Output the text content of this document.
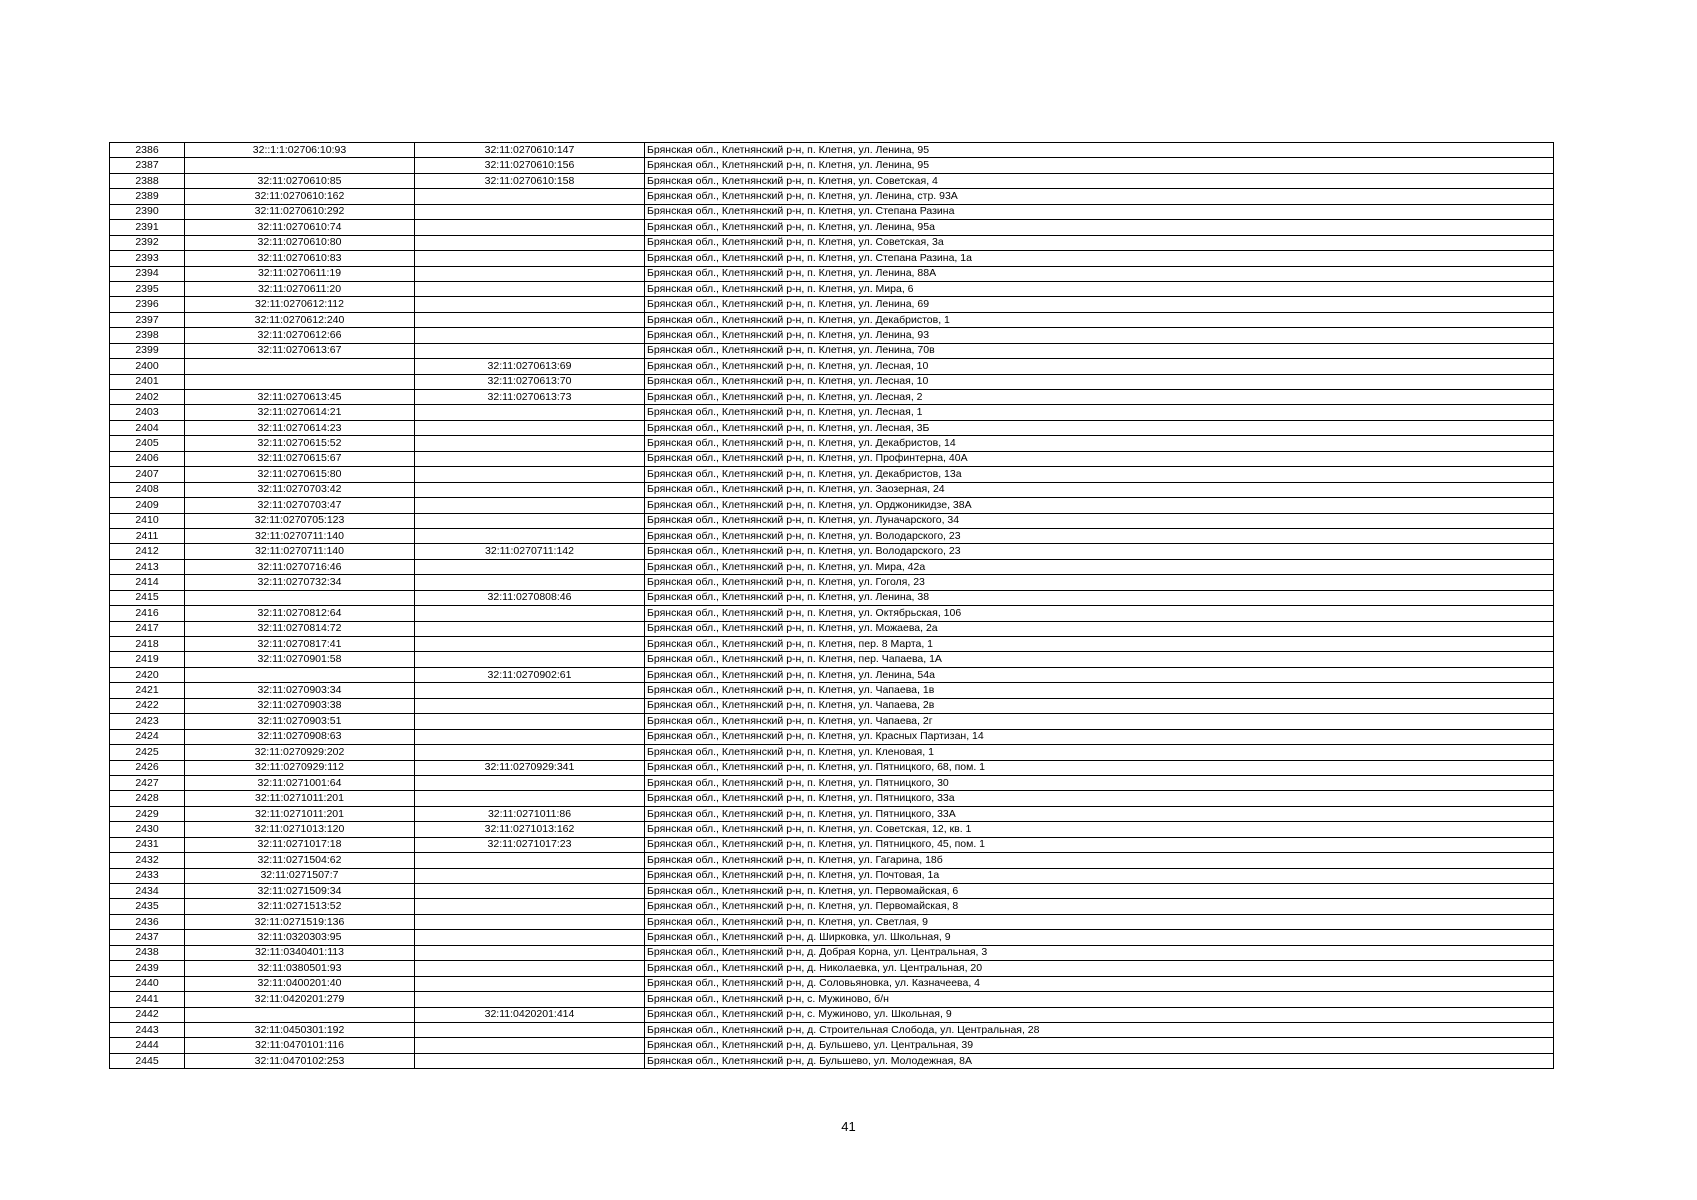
2386	32::1:1:02706:10:93	32:11:0270610:147	Брянская обл., Клетнянский р-н, п. Клетня, ул. Ленина, 95
2387		32:11:0270610:156	Брянская обл., Клетнянский р-н, п. Клетня, ул. Ленина, 95
2388	32:11:0270610:85	32:11:0270610:158	Брянская обл., Клетнянский р-н, п. Клетня, ул. Советская, 4
2389	32:11:0270610:162		Брянская обл., Клетнянский р-н, п. Клетня, ул. Ленина, стр. 93А
2390	32:11:0270610:292		Брянская обл., Клетнянский р-н, п. Клетня, ул. Степана Разина
2391	32:11:0270610:74		Брянская обл., Клетнянский р-н, п. Клетня, ул. Ленина, 95а
2392	32:11:0270610:80		Брянская обл., Клетнянский р-н, п. Клетня, ул. Советская, 3а
2393	32:11:0270610:83		Брянская обл., Клетнянский р-н, п. Клетня, ул. Степана Разина, 1а
2394	32:11:0270611:19		Брянская обл., Клетнянский р-н, п. Клетня, ул. Ленина, 88А
2395	32:11:0270611:20		Брянская обл., Клетнянский р-н, п. Клетня, ул. Мира, 6
2396	32:11:0270612:112		Брянская обл., Клетнянский р-н, п. Клетня, ул. Ленина, 69
2397	32:11:0270612:240		Брянская обл., Клетнянский р-н, п. Клетня, ул. Декабристов, 1
2398	32:11:0270612:66		Брянская обл., Клетнянский р-н, п. Клетня, ул. Ленина, 93
2399	32:11:0270613:67		Брянская обл., Клетнянский р-н, п. Клетня, ул. Ленина, 70в
2400		32:11:0270613:69	Брянская обл., Клетнянский р-н, п. Клетня, ул. Лесная, 10
2401		32:11:0270613:70	Брянская обл., Клетнянский р-н, п. Клетня, ул. Лесная, 10
2402	32:11:0270613:45	32:11:0270613:73	Брянская обл., Клетнянский р-н, п. Клетня, ул. Лесная, 2
2403	32:11:0270614:21		Брянская обл., Клетнянский р-н, п. Клетня, ул. Лесная, 1
2404	32:11:0270614:23		Брянская обл., Клетнянский р-н, п. Клетня, ул. Лесная, 3Б
2405	32:11:0270615:52		Брянская обл., Клетнянский р-н, п. Клетня, ул. Декабристов, 14
2406	32:11:0270615:67		Брянская обл., Клетнянский р-н, п. Клетня, ул. Профинтерна, 40А
2407	32:11:0270615:80		Брянская обл., Клетнянский р-н, п. Клетня, ул. Декабристов, 13а
2408	32:11:0270703:42		Брянская обл., Клетнянский р-н, п. Клетня, ул. Заозерная, 24
2409	32:11:0270703:47		Брянская обл., Клетнянский р-н, п. Клетня, ул. Орджоникидзе, 38А
2410	32:11:0270705:123		Брянская обл., Клетнянский р-н, п. Клетня, ул. Луначарского, 34
2411	32:11:0270711:140		Брянская обл., Клетнянский р-н, п. Клетня, ул. Володарского, 23
2412	32:11:0270711:140	32:11:0270711:142	Брянская обл., Клетнянский р-н, п. Клетня, ул. Володарского, 23
2413	32:11:0270716:46		Брянская обл., Клетнянский р-н, п. Клетня, ул. Мира, 42а
2414	32:11:0270732:34		Брянская обл., Клетнянский р-н, п. Клетня, ул. Гоголя, 23
2415		32:11:0270808:46	Брянская обл., Клетнянский р-н, п. Клетня, ул. Ленина, 38
2416	32:11:0270812:64		Брянская обл., Клетнянский р-н, п. Клетня, ул. Октябрьская, 106
2417	32:11:0270814:72		Брянская обл., Клетнянский р-н, п. Клетня, ул. Можаева, 2а
2418	32:11:0270817:41		Брянская обл., Клетнянский р-н, п. Клетня, пер. 8 Марта, 1
2419	32:11:0270901:58		Брянская обл., Клетнянский р-н, п. Клетня, пер. Чапаева, 1А
2420		32:11:0270902:61	Брянская обл., Клетнянский р-н, п. Клетня, ул. Ленина, 54а
2421	32:11:0270903:34		Брянская обл., Клетнянский р-н, п. Клетня, ул. Чапаева, 1в
2422	32:11:0270903:38		Брянская обл., Клетнянский р-н, п. Клетня, ул. Чапаева, 2в
2423	32:11:0270903:51		Брянская обл., Клетнянский р-н, п. Клетня, ул. Чапаева, 2г
2424	32:11:0270908:63		Брянская обл., Клетнянский р-н, п. Клетня, ул. Красных Партизан, 14
2425	32:11:0270929:202		Брянская обл., Клетнянский р-н, п. Клетня, ул. Кленовая, 1
2426	32:11:0270929:112	32:11:0270929:341	Брянская обл., Клетнянский р-н, п. Клетня, ул. Пятницкого, 68, пом. 1
2427	32:11:0271001:64		Брянская обл., Клетнянский р-н, п. Клетня, ул. Пятницкого, 30
2428	32:11:0271011:201		Брянская обл., Клетнянский р-н, п. Клетня, ул. Пятницкого, 33а
2429	32:11:0271011:201	32:11:0271011:86	Брянская обл., Клетнянский р-н, п. Клетня, ул. Пятницкого, 33А
2430	32:11:0271013:120	32:11:0271013:162	Брянская обл., Клетнянский р-н, п. Клетня, ул. Советская, 12, кв. 1
2431	32:11:0271017:18	32:11:0271017:23	Брянская обл., Клетнянский р-н, п. Клетня, ул. Пятницкого, 45, пом. 1
2432	32:11:0271504:62		Брянская обл., Клетнянский р-н, п. Клетня, ул. Гагарина, 18б
2433	32:11:0271507:7		Брянская обл., Клетнянский р-н, п. Клетня, ул. Почтовая, 1а
2434	32:11:0271509:34		Брянская обл., Клетнянский р-н, п. Клетня, ул. Первомайская, 6
2435	32:11:0271513:52		Брянская обл., Клетнянский р-н, п. Клетня, ул. Первомайская, 8
2436	32:11:0271519:136		Брянская обл., Клетнянский р-н, п. Клетня, ул. Светлая, 9
2437	32:11:0320303:95		Брянская обл., Клетнянский р-н, д. Ширковка, ул. Школьная, 9
2438	32:11:0340401:113		Брянская обл., Клетнянский р-н, д. Добрая Корна, ул. Центральная, 3
2439	32:11:0380501:93		Брянская обл., Клетнянский р-н, д. Николаевка, ул. Центральная, 20
2440	32:11:0400201:40		Брянская обл., Клетнянский р-н, д. Соловьяновка, ул. Казначеева, 4
2441	32:11:0420201:279		Брянская обл., Клетнянский р-н, с. Мужиново, б/н
2442		32:11:0420201:414	Брянская обл., Клетнянский р-н, с. Мужиново, ул. Школьная, 9
2443	32:11:0450301:192		Брянская обл., Клетнянский р-н, д. Строительная Слобода, ул. Центральная, 28
2444	32:11:0470101:116		Брянская обл., Клетнянский р-н, д. Бульшево, ул. Центральная, 39
2445	32:11:0470102:253		Брянская обл., Клетнянский р-н, д. Бульшево, ул. Молодежная, 8А
41
